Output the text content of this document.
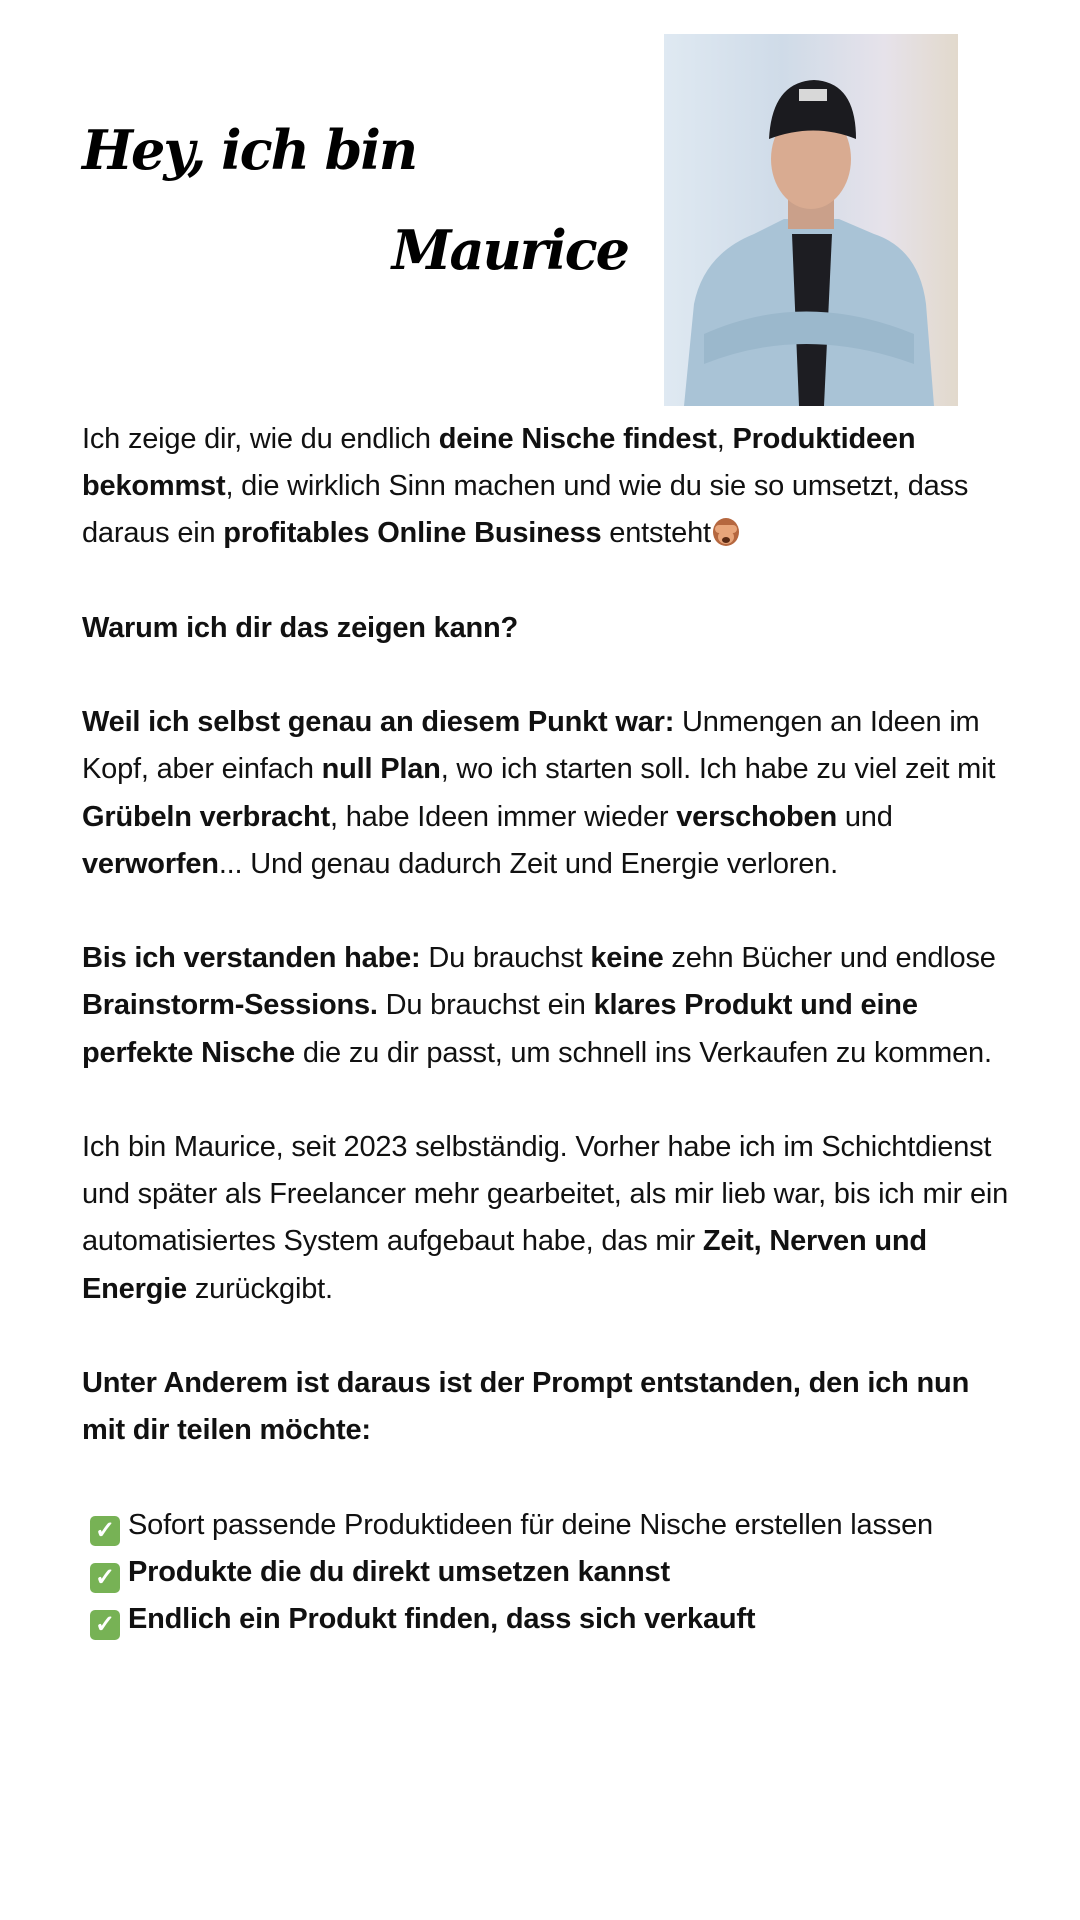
Hey, ich bin
Maurice

Ich zeige dir, wie du endlich deine Nische findest, Produktideen bekommst, die wirklich Sinn machen und wie du sie so umsetzt, dass daraus ein profitables Online Business entsteht

Warum ich dir das zeigen kann?

Weil ich selbst genau an diesem Punkt war: Unmengen an Ideen im Kopf, aber einfach null Plan, wo ich starten soll. Ich habe zu viel zeit mit Grübeln verbracht, habe Ideen immer wieder verschoben und verworfen... Und genau dadurch Zeit und Energie verloren.

Bis ich verstanden habe: Du brauchst keine zehn Bücher und endlose Brainstorm-Sessions. Du brauchst ein klares Produkt und eine perfekte Nische die zu dir passt, um schnell ins Verkaufen zu kommen.

Ich bin Maurice, seit 2023 selbständig. Vorher habe ich im Schichtdienst und später als Freelancer mehr gearbeitet, als mir lieb war, bis ich mir ein automatisiertes System aufgebaut habe, das mir Zeit, Nerven und Energie zurückgibt.

Unter Anderem ist daraus ist der Prompt entstanden, den ich nun mit dir teilen möchte:

✓ Sofort passende Produktideen für deine Nische erstellen lassen
✓ Produkte die du direkt umsetzen kannst
✓ Endlich ein Produkt finden, dass sich verkauft
